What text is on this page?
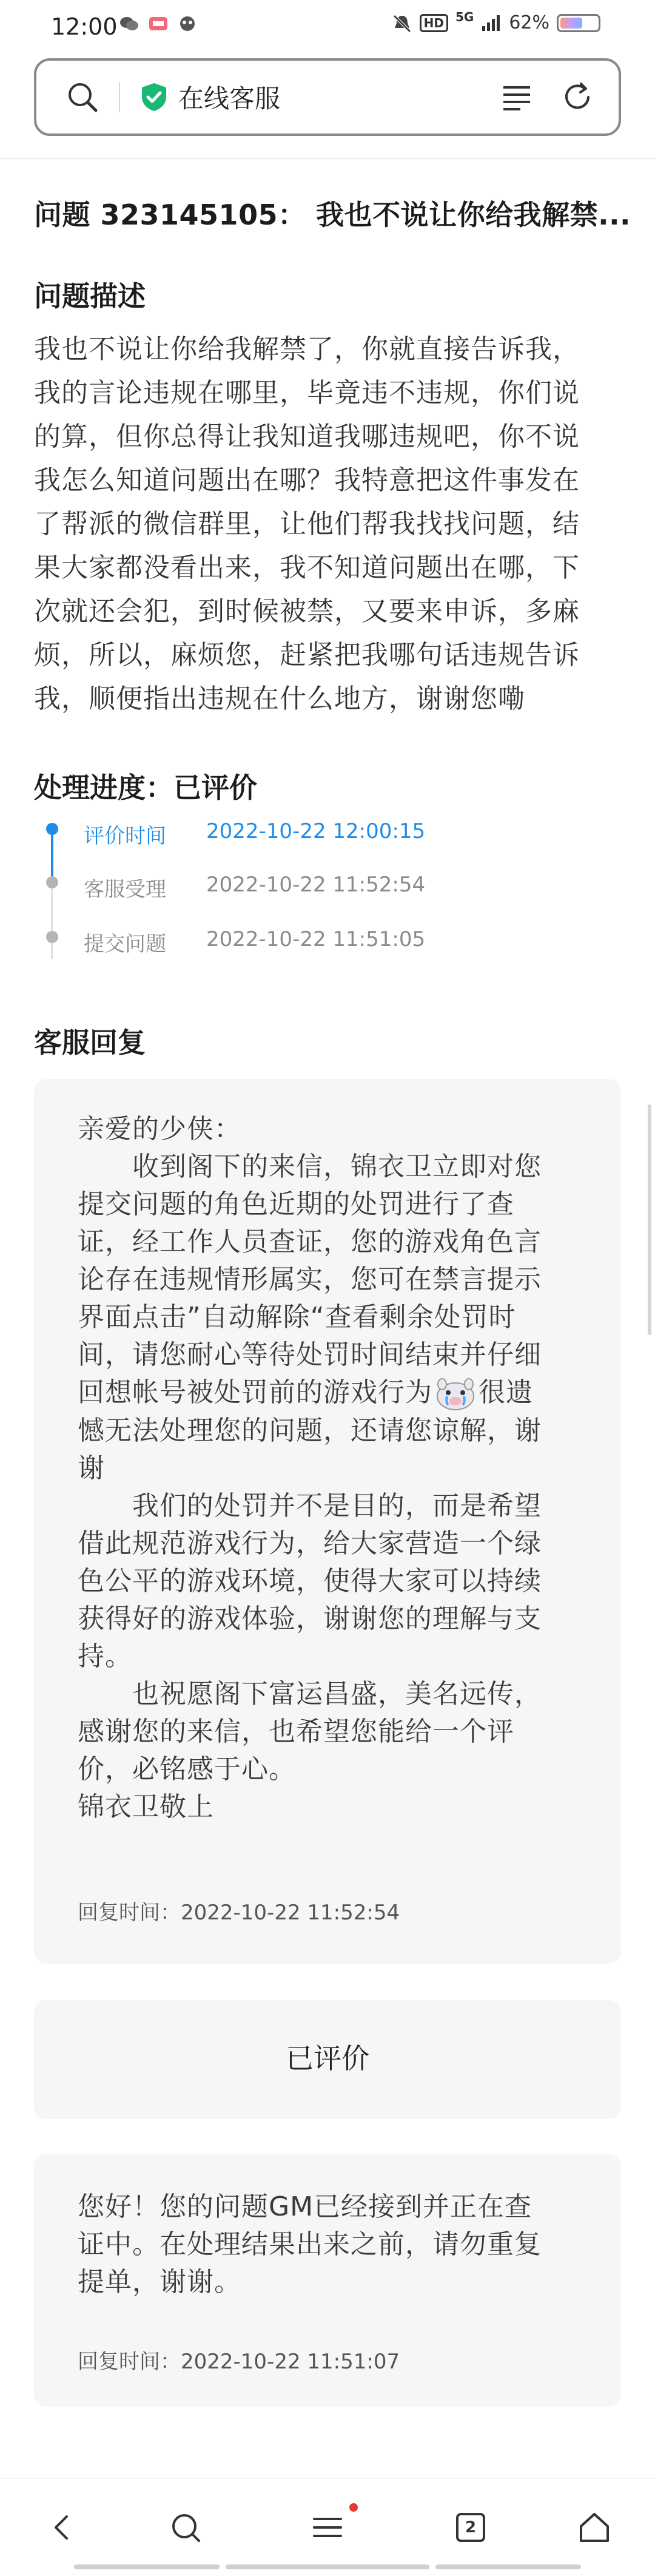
12:00	HD 5G 62%
在线客服
问题 323145105： 我也不说让你给我解禁...
问题描述
我也不说让你给我解禁了，你就直接告诉我，
我的言论违规在哪里，毕竟违不违规，你们说
的算，但你总得让我知道我哪违规吧，你不说
我怎么知道问题出在哪？我特意把这件事发在
了帮派的微信群里，让他们帮我找找问题，结
果大家都没看出来，我不知道问题出在哪，下
次就还会犯，到时候被禁，又要来申诉，多麻
烦，所以，麻烦您，赶紧把我哪句话违规告诉
我，顺便指出违规在什么地方，谢谢您嘞
处理进度：已评价
评价时间 2022-10-22 12:00:15
客服受理 2022-10-22 11:52:54
提交问题 2022-10-22 11:51:05
客服回复
亲爱的少侠：
　　收到阁下的来信，锦衣卫立即对您
提交问题的角色近期的处罚进行了查
证，经工作人员查证，您的游戏角色言
论存在违规情形属实，您可在禁言提示
界面点击”自动解除“查看剩余处罚时
间，请您耐心等待处罚时间结束并仔细
回想帐号被处罚前的游戏行为 很遗
憾无法处理您的问题，还请您谅解，谢
谢
　　我们的处罚并不是目的，而是希望
借此规范游戏行为，给大家营造一个绿
色公平的游戏环境，使得大家可以持续
获得好的游戏体验，谢谢您的理解与支
持。
　　也祝愿阁下富运昌盛，美名远传，
感谢您的来信，也希望您能给一个评
价，必铭感于心。
锦衣卫敬上
回复时间：2022-10-22 11:52:54
已评价
您好！您的问题GM已经接到并正在查
证中。在处理结果出来之前，请勿重复
提单，谢谢。
回复时间：2022-10-22 11:51:07
2
